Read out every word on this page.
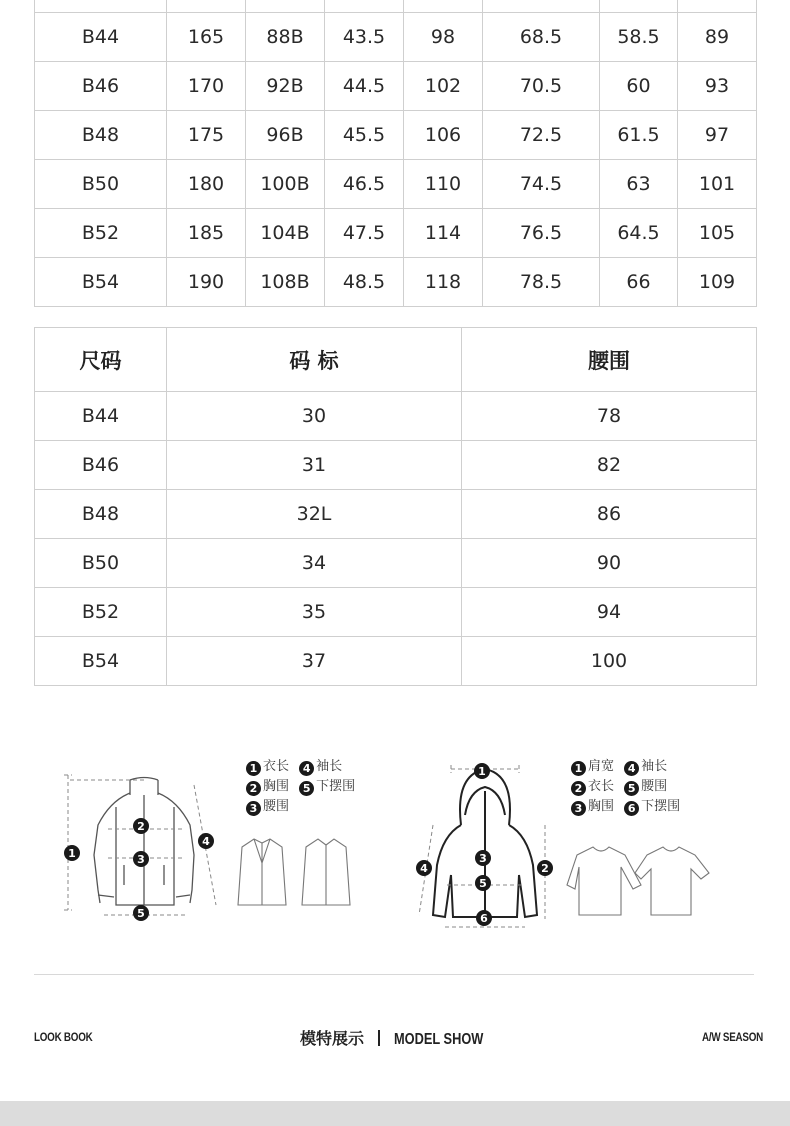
B44	165	88B	43.5	98	68.5	58.5	89
B46	170	92B	44.5	102	70.5	60	93
B48	175	96B	45.5	106	72.5	61.5	97
B50	180	100B	46.5	110	74.5	63	101
B52	185	104B	47.5	114	76.5	64.5	105
B54	190	108B	48.5	118	78.5	66	109
尺码	码 标	腰围
B44	30	78
B46	31	82
B48	32L	86
B50	34	90
B52	35	94
B54	37	100
1
2
3
4
5
1 衣长 4 袖长
2 胸围 5 下摆围
3 腰围
1
2
3
4
5
6
1 肩宽 4 袖长
2 衣长 5 腰围
3 胸围 6 下摆围
LOOK BOOK	模特展示 MODEL SHOW	A/W SEASON
